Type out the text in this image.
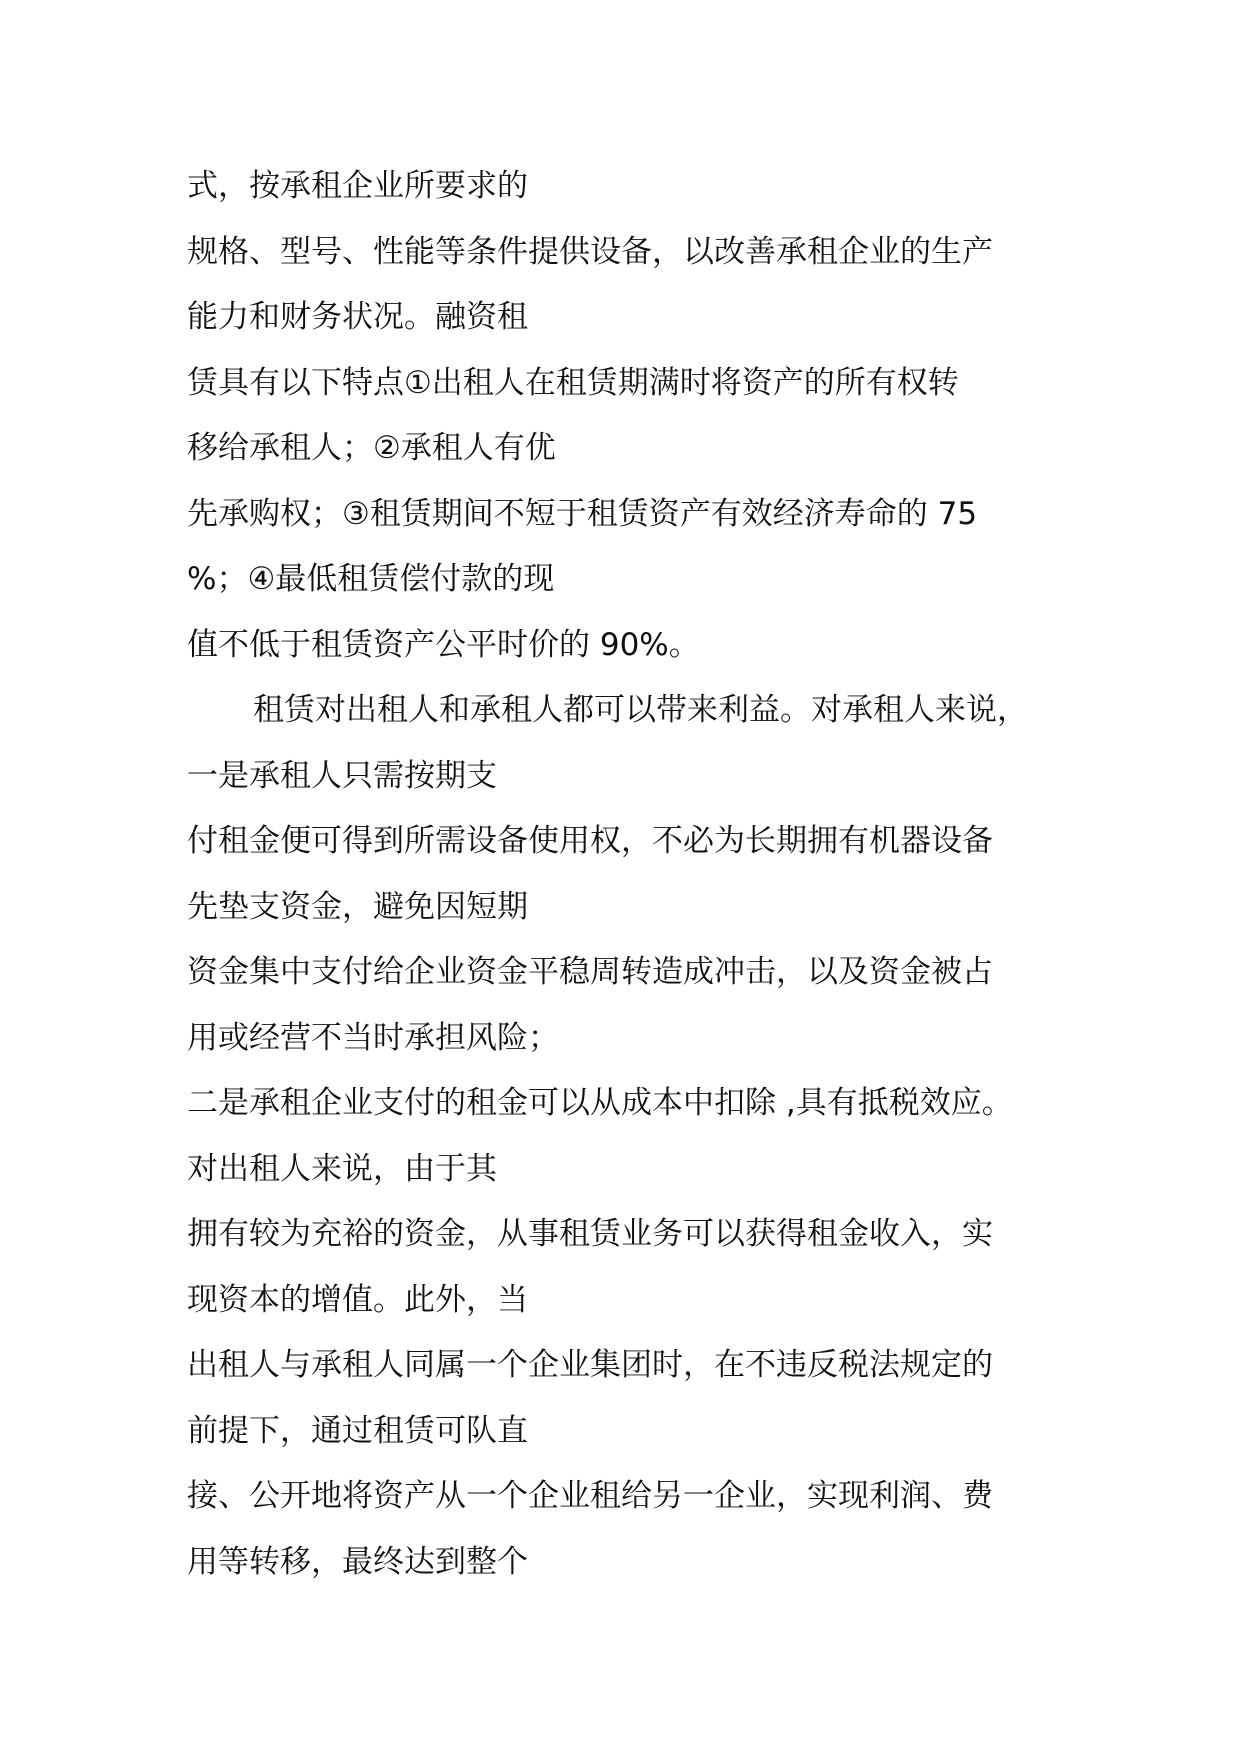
式，按承租企业所要求的
规格、型号、性能等条件提供设备，以改善承租企业的生产
能力和财务状况。融资租
赁具有以下特点①出租人在租赁期满时将资产的所有权转
移给承租人；②承租人有优
先承购权；③租赁期间不短于租赁资产有效经济寿命的 75
%；④最低租赁偿付款的现
值不低于租赁资产公平时价的 90%。
租赁对出租人和承租人都可以带来利益。对承租人来说，
一是承租人只需按期支
付租金便可得到所需设备使用权，不必为长期拥有机器设备
先垫支资金，避免因短期
资金集中支付给企业资金平稳周转造成冲击，以及资金被占
用或经营不当时承担风险；
二是承租企业支付的租金可以从成本中扣除 ,具有抵税效应。
对出租人来说，由于其
拥有较为充裕的资金，从事租赁业务可以获得租金收入，实
现资本的增值。此外，当
出租人与承租人同属一个企业集团时，在不违反税法规定的
前提下，通过租赁可队直
接、公开地将资产从一个企业租给另一企业，实现利润、费
用等转移，最终达到整个
